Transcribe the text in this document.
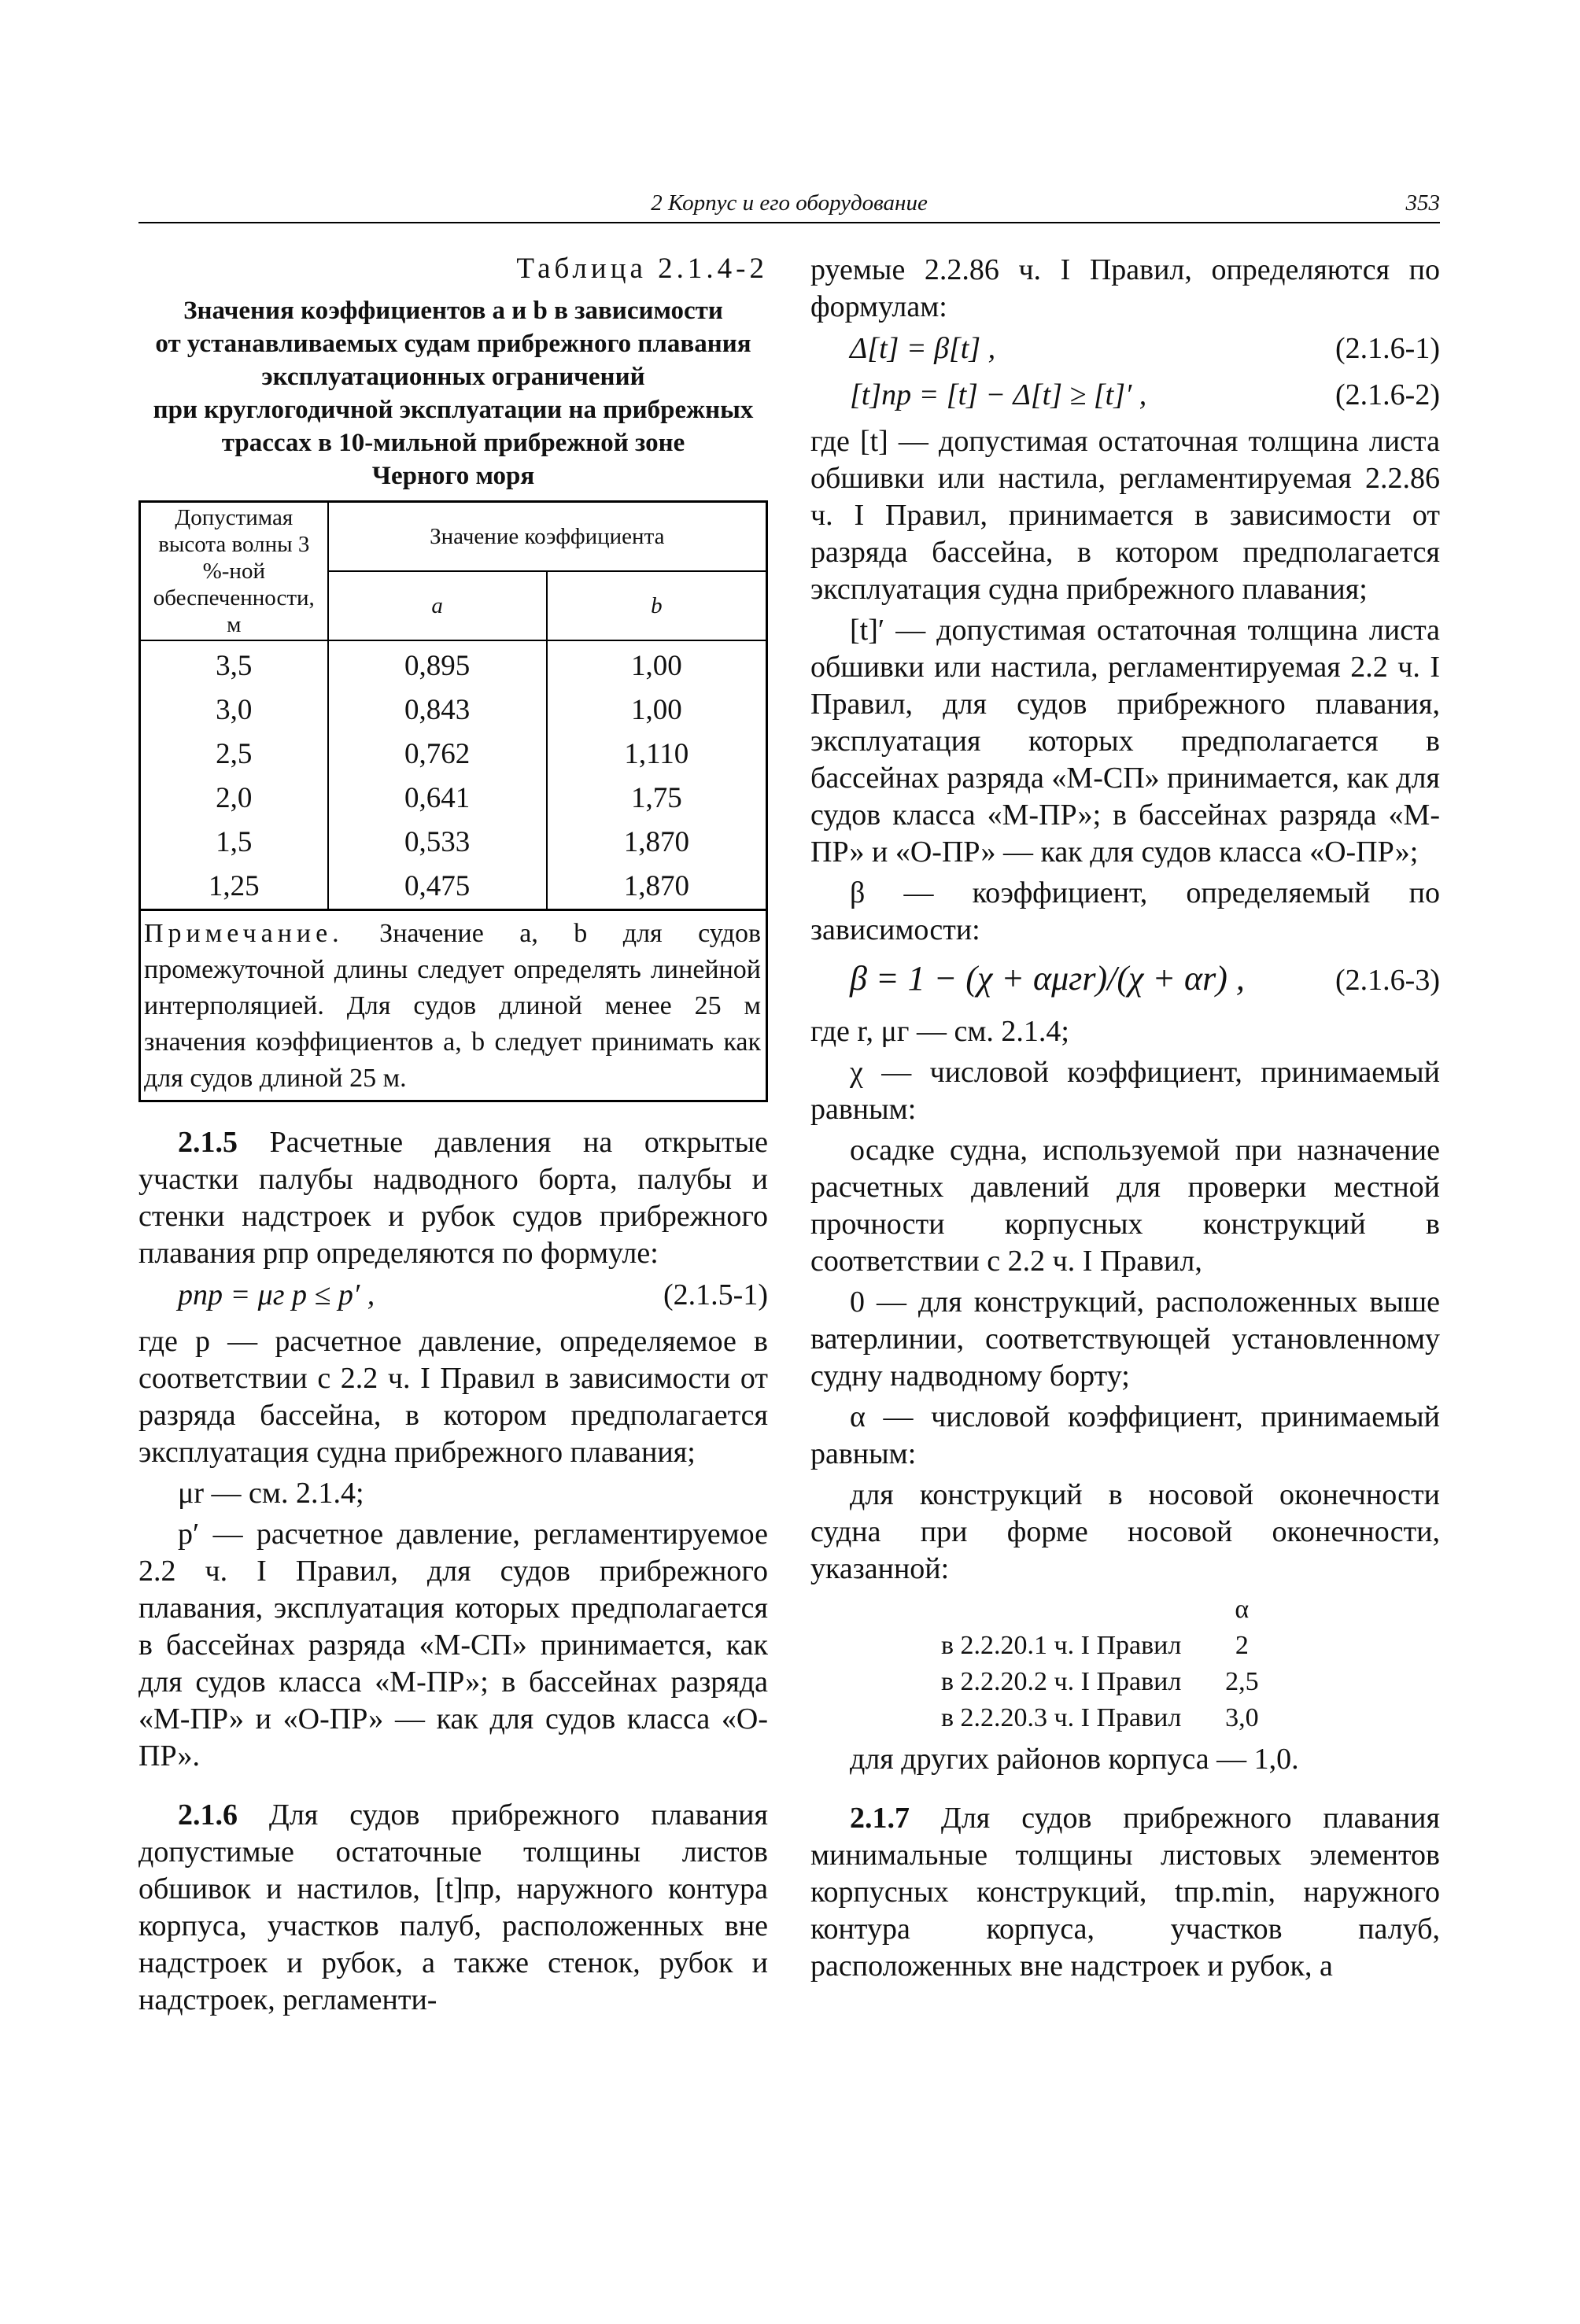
2 Корпус и его оборудование	353
Таблица 2.1.4-2
Значения коэффициентов a и b в зависимости
от устанавливаемых судам прибрежного плавания
эксплуатационных ограничений
при круглогодичной эксплуатации на прибрежных
трассах в 10-мильной прибрежной зоне
Черного моря
Допустимая высота волны 3 %-ной обеспеченности, м	Значение коэффициента	
	a	b
3,5	0,895	1,00
3,0	0,843	1,00
2,5	0,762	1,110
2,0	0,641	1,75
1,5	0,533	1,870
1,25	0,475	1,870
Примечание. Значение a, b для судов промежуточной длины следует определять линейной интерполяцией. Для судов длиной менее 25 м значения коэффициентов a, b следует принимать как для судов длиной 25 м.		

2.1.5 Расчетные давления на открытые участки палубы надводного борта, палубы и стенки надстроек и рубок судов прибрежного плавания pпр определяются по формуле:

pпр = μг p ≤ p′ ,	(2.1.5-1)

где p — расчетное давление, определяемое в соответствии с 2.2 ч. I Правил в зависимости от разряда бассейна, в котором предполагается эксплуатация судна прибрежного плавания;

μr — см. 2.1.4;

p′ — расчетное давление, регламентируемое 2.2 ч. I Правил, для судов прибрежного плавания, эксплуатация которых предполагается в бассейнах разряда «М-СП» принимается, как для судов класса «М-ПР»; в бассейнах разряда «М-ПР» и «О-ПР» — как для судов класса «О-ПР».

2.1.6 Для судов прибрежного плавания допустимые остаточные толщины листов обшивок и настилов, [t]пр, наружного контура корпуса, участков палуб, расположенных вне надстроек и рубок, а также стенок, рубок и надстроек, регламенти-

руемые 2.2.86 ч. I Правил, определяются по формулам:

Δ[t] = β[t] ,	(2.1.6-1)
[t]пр = [t] − Δ[t] ≥ [t]′ ,	(2.1.6-2)

где [t] — допустимая остаточная толщина листа обшивки или настила, регламентируемая 2.2.86 ч. I Правил, принимается в зависимости от разряда бассейна, в котором предполагается эксплуатация судна прибрежного плавания;

[t]′ — допустимая остаточная толщина листа обшивки или настила, регламентируемая 2.2 ч. I Правил, для судов прибрежного плавания, эксплуатация которых предполагается в бассейнах разряда «М-СП» принимается, как для судов класса «М-ПР»; в бассейнах разряда «М-ПР» и «О-ПР» — как для судов класса «О-ПР»;

β — коэффициент, определяемый по зависимости:

β = 1 − (χ + αμгr)/(χ + αr) ,	(2.1.6-3)

где r, μг — см. 2.1.4;

χ — числовой коэффициент, принимаемый равным:

осадке судна, используемой при назначение расчетных давлений для проверки местной прочности корпусных конструкций в соответствии с 2.2 ч. I Правил,

0 — для конструкций, расположенных выше ватерлинии, соответствующей установленному судну надводному борту;

α — числовой коэффициент, принимаемый равным:

для конструкций в носовой оконечности судна при форме носовой оконечности, указанной:

	α
в 2.2.20.1 ч. I Правил	2
в 2.2.20.2 ч. I Правил	2,5
в 2.2.20.3 ч. I Правил	3,0

для других районов корпуса — 1,0.

2.1.7 Для судов прибрежного плавания минимальные толщины листовых элементов корпусных конструкций, tпр.min, наружного контура корпуса, участков палуб, расположенных вне надстроек и рубок, а
